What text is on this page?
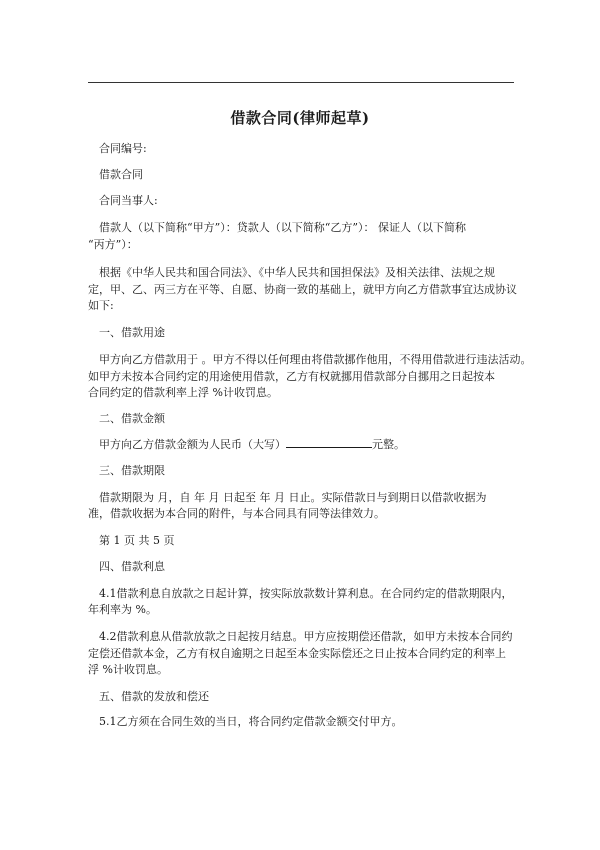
借款合同(律师起草)

合同编号:

借款合同

合同当事人:

借款人（以下简称“甲方”）：贷款人（以下简称“乙方”）： 保证人（以下简称

“丙方”）：

根据《中华人民共和国合同法》、《中华人民共和国担保法》及相关法律、法规之规

定，甲、乙、丙三方在平等、自愿、协商一致的基础上，就甲方向乙方借款事宜达成协议

如下:

一、借款用途

甲方向乙方借款用于 。甲方不得以任何理由将借款挪作他用，不得用借款进行违法活动。

如甲方未按本合同约定的用途使用借款，乙方有权就挪用借款部分自挪用之日起按本

合同约定的借款利率上浮 %计收罚息。

二、借款金额

甲方向乙方借款金额为人民币（大写）	元整。

三、借款期限

借款期限为 月，自 年 月 日起至 年 月 日止。实际借款日与到期日以借款收据为

准，借款收据为本合同的附件，与本合同具有同等法律效力。

第 1 页 共 5 页

四、借款利息

4.1借款利息自放款之日起计算，按实际放款数计算利息。在合同约定的借款期限内，

年利率为 %。

4.2借款利息从借款放款之日起按月结息。甲方应按期偿还借款，如甲方未按本合同约

定偿还借款本金，乙方有权自逾期之日起至本金实际偿还之日止按本合同约定的利率上

浮 %计收罚息。

五、借款的发放和偿还

5.1乙方须在合同生效的当日，将合同约定借款金额交付甲方。
